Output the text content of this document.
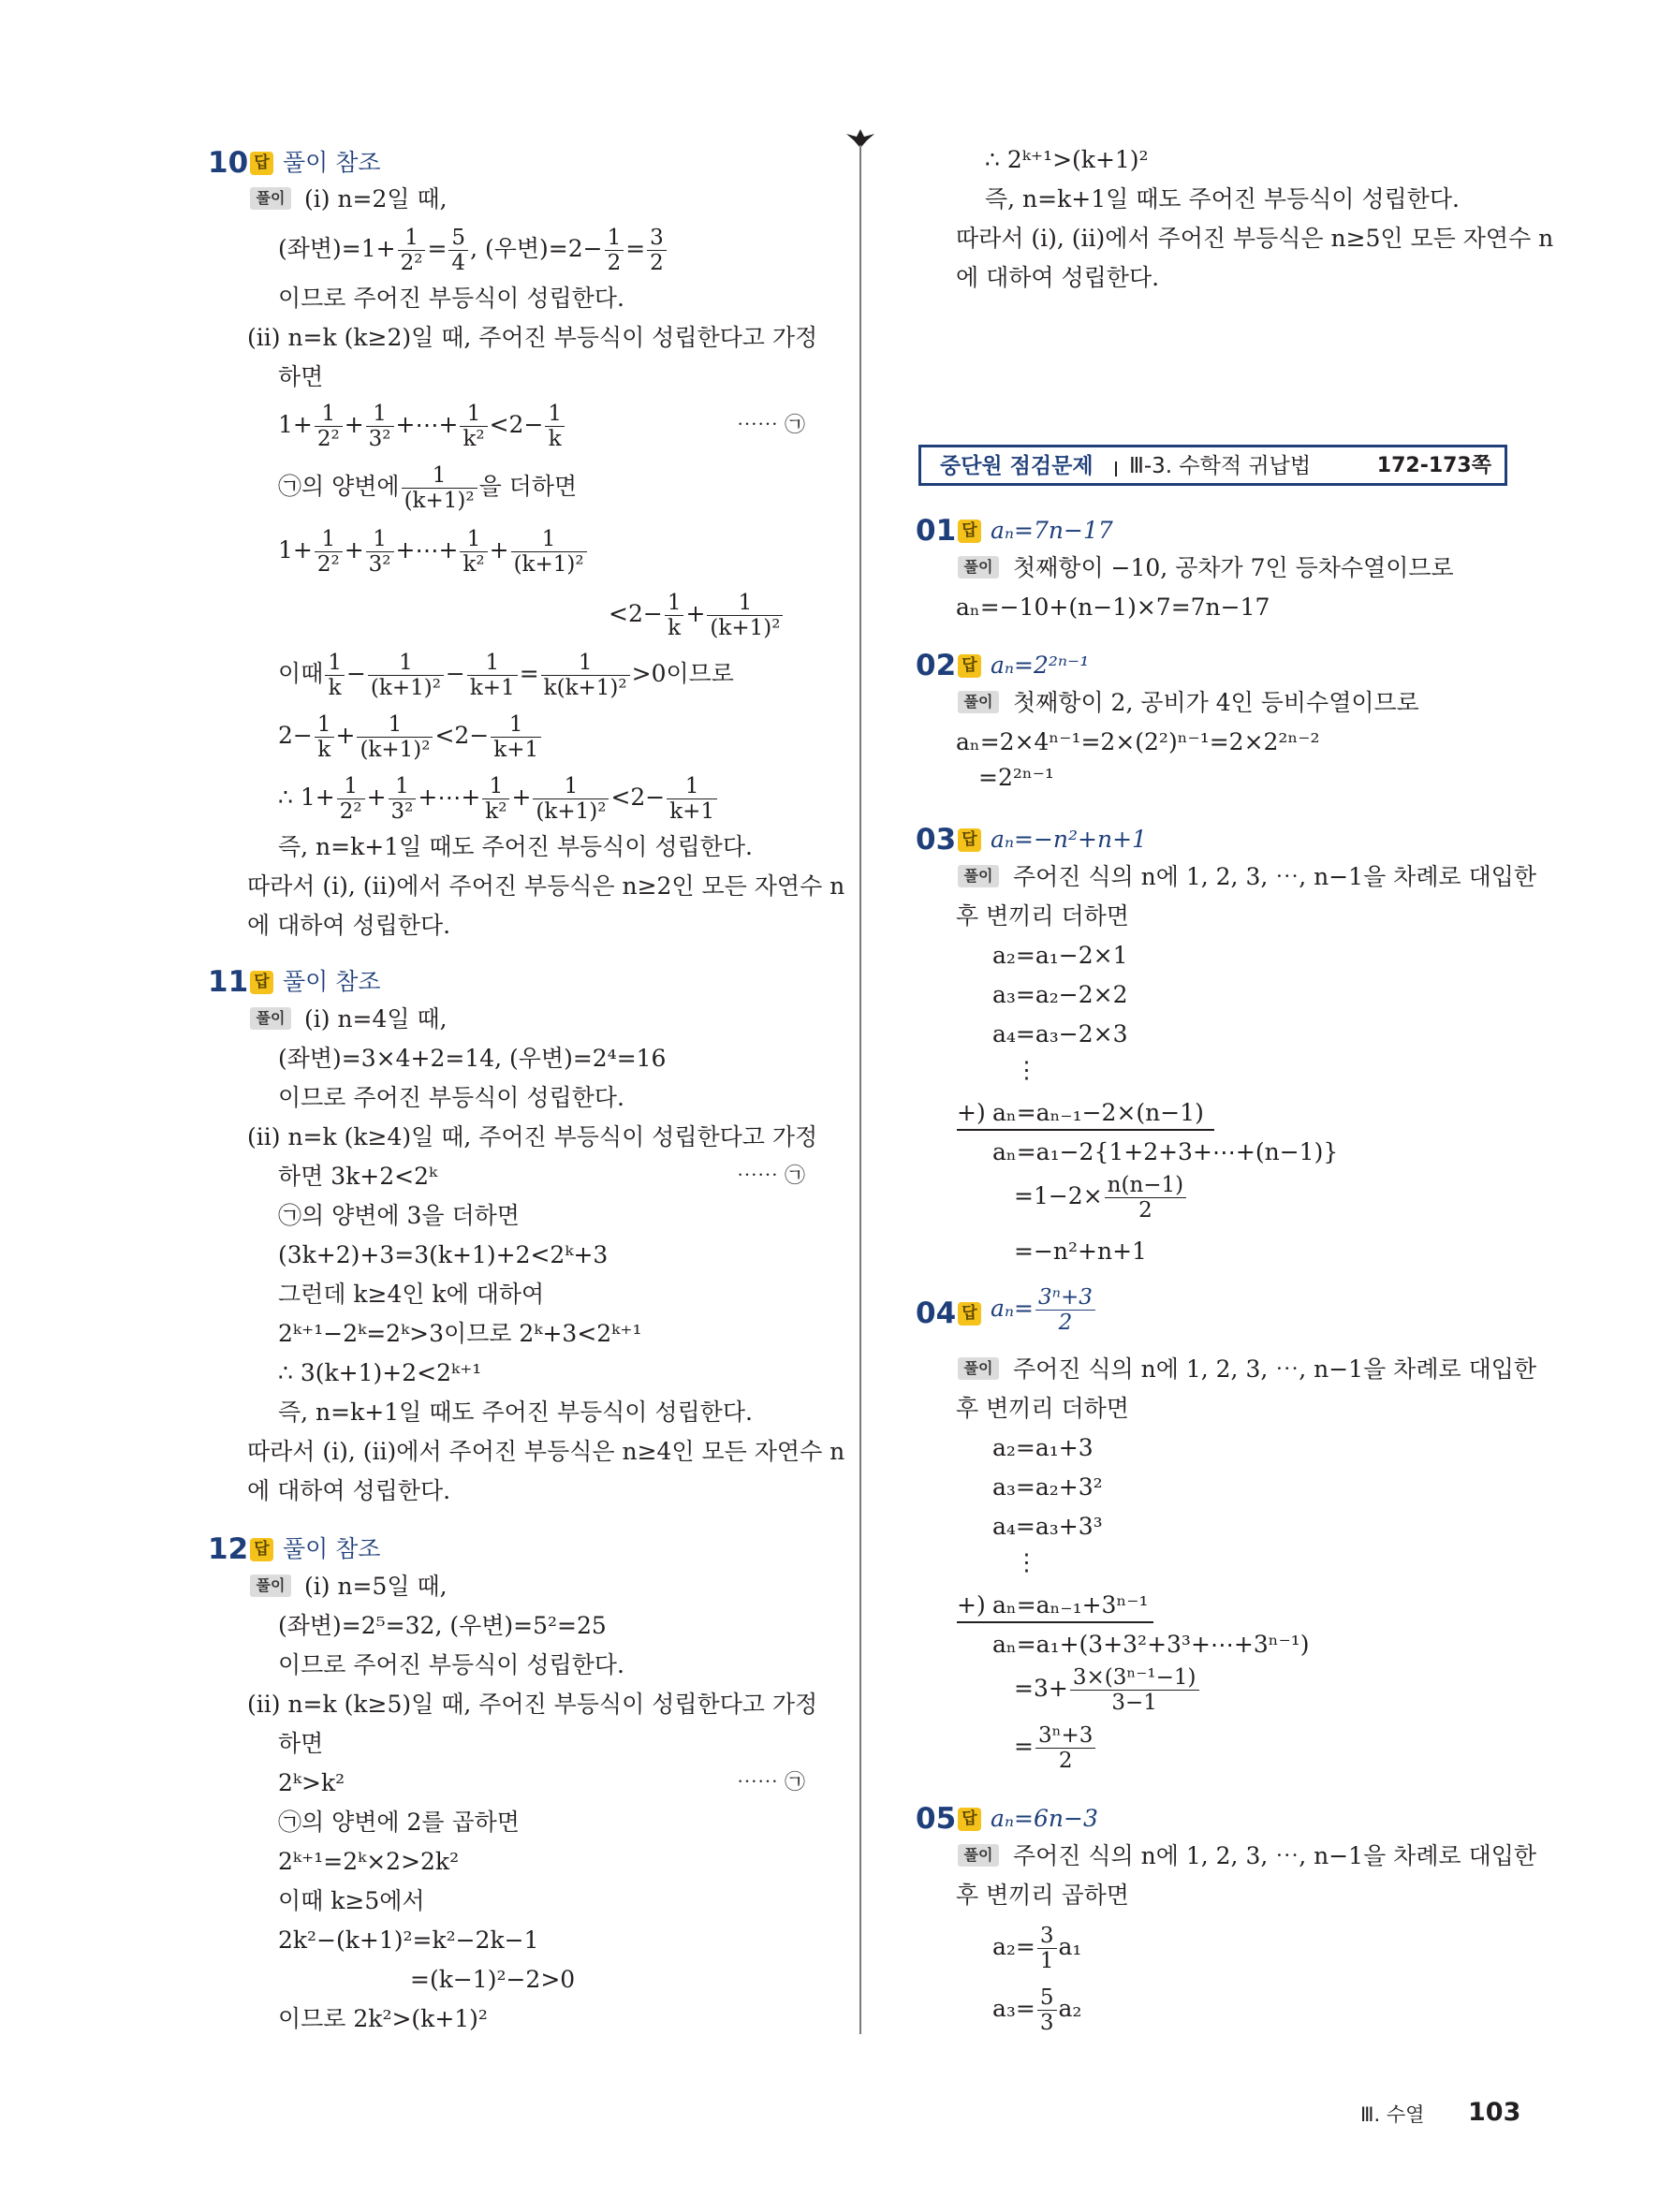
10 답 풀이 참조
풀이 (ⅰ) n=2일 때,
(좌변)$=1+ \frac{1}{\text{2²}} = \frac{5}{4}$ , (우변)$=2- \frac{1}{2} = \frac{3}{2}$
이므로 주어진 부등식이 성립한다.
(ⅱ) n=k (k≥2)일 때, 주어진 부등식이 성립한다고 가정
하면
$1+ \frac{1}{\text{2²}} + \frac{1}{\text{3²}}$ +⋯+ $\frac{1}{\text{k²}} <2- \frac{1}{k}$	⋯⋯ ㉠
㉠의 양변에 $\frac{1}{\text{(k+1)²}}$ 을 더하면
$1+ \frac{1}{\text{2²}} + \frac{1}{\text{3²}}$ +⋯+ $\frac{1}{\text{k²}} + \frac{1}{\text{(k+1)²}}$
$<2- \frac{1}{k} + \frac{1}{\text{(k+1)²}}$
이때 $\frac{1}{k} - \frac{1}{\text{(k+1)²}} - \frac{1}{k+1} = \frac{1}{\text{k(k+1)²}} >0$이므로
$2- \frac{1}{k} + \frac{1}{\text{(k+1)²}} <2- \frac{1}{k+1}$
∴ $1+ \frac{1}{\text{2²}} + \frac{1}{\text{3²}}$ +⋯+ $\frac{1}{\text{k²}} + \frac{1}{\text{(k+1)²}} <2- \frac{1}{k+1}$
즉, n=k+1일 때도 주어진 부등식이 성립한다.
따라서 (ⅰ), (ⅱ)에서 주어진 부등식은 n≥2인 모든 자연수 n
에 대하여 성립한다.
11 답 풀이 참조
풀이 (ⅰ) n=4일 때,
(좌변)=3×4+2=14, (우변)=2⁴=16
이므로 주어진 부등식이 성립한다.
(ⅱ) n=k (k≥4)일 때, 주어진 부등식이 성립한다고 가정
하면 3k+2<2ᵏ	⋯⋯ ㉠
㉠의 양변에 3을 더하면
(3k+2)+3=3(k+1)+2<2ᵏ+3
그런데 k≥4인 k에 대하여
2ᵏ⁺¹−2ᵏ=2ᵏ>3이므로 2ᵏ+3<2ᵏ⁺¹
∴ 3(k+1)+2<2ᵏ⁺¹
즉, n=k+1일 때도 주어진 부등식이 성립한다.
따라서 (ⅰ), (ⅱ)에서 주어진 부등식은 n≥4인 모든 자연수 n
에 대하여 성립한다.
12 답 풀이 참조
풀이 (ⅰ) n=5일 때,
(좌변)=2⁵=32, (우변)=5²=25
이므로 주어진 부등식이 성립한다.
(ⅱ) n=k (k≥5)일 때, 주어진 부등식이 성립한다고 가정
하면
2ᵏ>k²	⋯⋯ ㉠
㉠의 양변에 2를 곱하면
2ᵏ⁺¹=2ᵏ×2>2k²
이때 k≥5에서
2k²−(k+1)²=k²−2k−1
=(k−1)²−2>0
이므로 2k²>(k+1)²
∴ 2ᵏ⁺¹>(k+1)²
즉, n=k+1일 때도 주어진 부등식이 성립한다.
따라서 (ⅰ), (ⅱ)에서 주어진 부등식은 n≥5인 모든 자연수 n
에 대하여 성립한다.
중단원 점검문제 Ⅲ-3. 수학적 귀납법	172-173쪽
01 답 aₙ=7n−17
풀이 첫째항이 −10, 공차가 7인 등차수열이므로
aₙ=−10+(n−1)×7=7n−17
02 답 aₙ=2²ⁿ⁻¹
풀이 첫째항이 2, 공비가 4인 등비수열이므로
aₙ=2×4ⁿ⁻¹=2×(2²)ⁿ⁻¹=2×2²ⁿ⁻²
=2²ⁿ⁻¹
03 답 aₙ=−n²+n+1
풀이 주어진 식의 n에 1, 2, 3, ⋯, n−1을 차례로 대입한
후 변끼리 더하면
a₂=a₁−2×1
a₃=a₂−2×2
a₄=a₃−2×3
⋮
+) aₙ=aₙ₋₁−2×(n−1)
aₙ=a₁−2{1+2+3+⋯+(n−1)}
$=1-2\times \frac{n(n-1)}{2}$
=−n²+n+1
04 답 $a_n= \frac{\text{3ⁿ+3}}{2}$
풀이 주어진 식의 n에 1, 2, 3, ⋯, n−1을 차례로 대입한
후 변끼리 더하면
a₂=a₁+3
a₃=a₂+3²
a₄=a₃+3³
⋮
+) aₙ=aₙ₋₁+3ⁿ⁻¹
aₙ=a₁+(3+3²+3³+⋯+3ⁿ⁻¹)
$=3+ \frac{\text{3×(3ⁿ⁻¹−1)}}{3-1}$
= $\frac{\text{3ⁿ+3}}{2}$
05 답 aₙ=6n−3
풀이 주어진 식의 n에 1, 2, 3, ⋯, n−1을 차례로 대입한
후 변끼리 곱하면
$a_2= \frac{3}{1} a_1$
$a_3= \frac{5}{3} a_2$
Ⅲ. 수열 103
